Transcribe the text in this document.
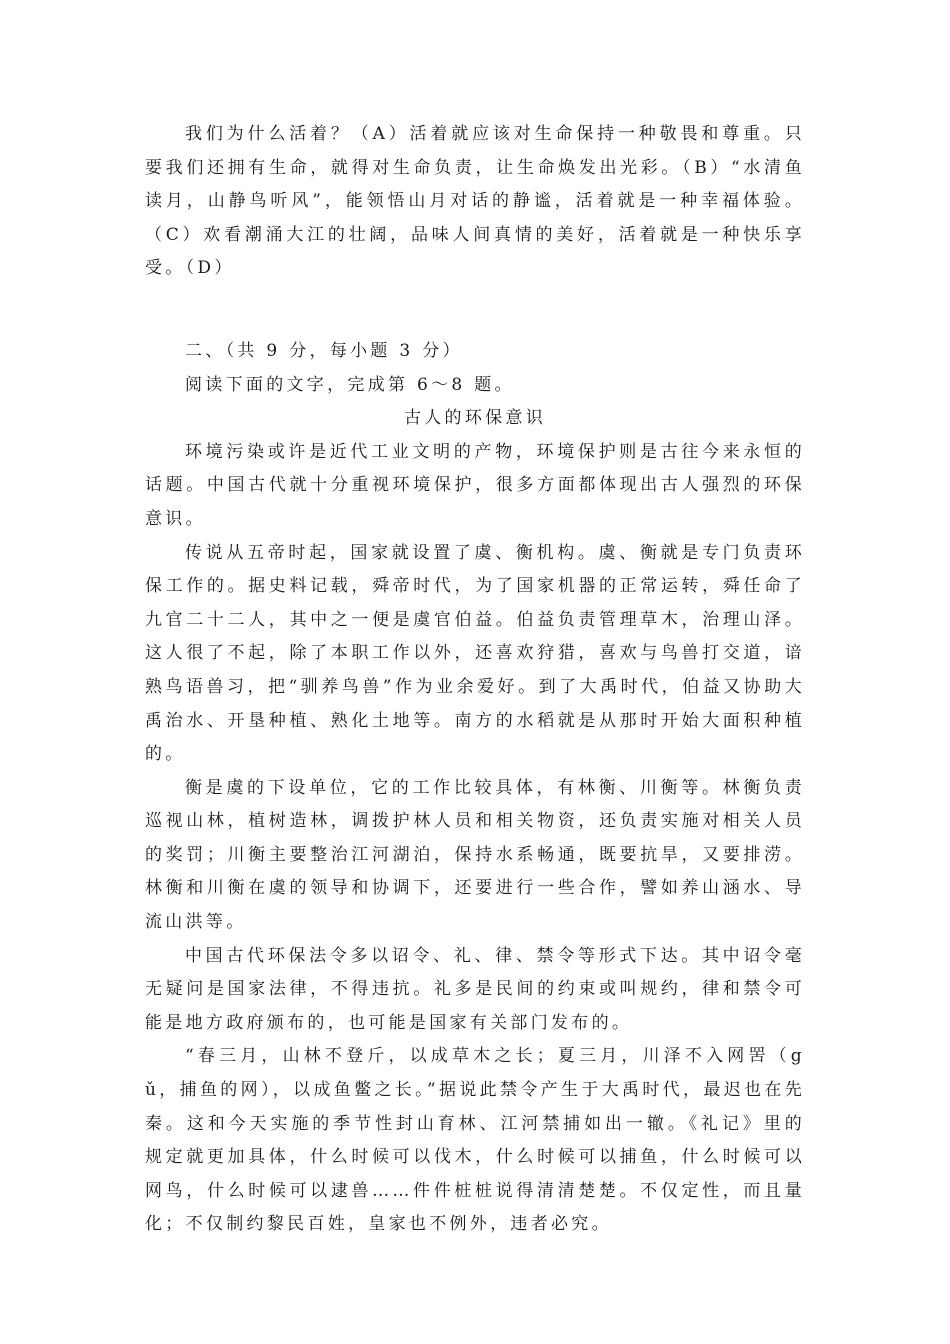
我们为什么活着？（A）活着就应该对生命保持一种敬畏和尊重。只要我们还拥有生命，就得对生命负责，让生命焕发出光彩。（B）“水清鱼读月，山静鸟听风”，能领悟山月对话的静谧，活着就是一种幸福体验。（C）欢看潮涌大江的壮阔，品味人间真情的美好，活着就是一种快乐享受。（D）

二、（共 9 分，每小题 3 分）

阅读下面的文字，完成第 6～8 题。

古人的环保意识

环境污染或许是近代工业文明的产物，环境保护则是古往今来永恒的话题。中国古代就十分重视环境保护，很多方面都体现出古人强烈的环保意识。

传说从五帝时起，国家就设置了虞、衡机构。虞、衡就是专门负责环保工作的。据史料记载，舜帝时代，为了国家机器的正常运转，舜任命了九官二十二人，其中之一便是虞官伯益。伯益负责管理草木，治理山泽。这人很了不起，除了本职工作以外，还喜欢狩猎，喜欢与鸟兽打交道，谙熟鸟语兽习，把“驯养鸟兽”作为业余爱好。到了大禹时代，伯益又协助大禹治水、开垦种植、熟化土地等。南方的水稻就是从那时开始大面积种植的。

衡是虞的下设单位，它的工作比较具体，有林衡、川衡等。林衡负责巡视山林，植树造林，调拨护林人员和相关物资，还负责实施对相关人员的奖罚；川衡主要整治江河湖泊，保持水系畅通，既要抗旱，又要排涝。林衡和川衡在虞的领导和协调下，还要进行一些合作，譬如养山涵水、导流山洪等。

中国古代环保法令多以诏令、礼、律、禁令等形式下达。其中诏令毫无疑问是国家法律，不得违抗。礼多是民间的约束或叫规约，律和禁令可能是地方政府颁布的，也可能是国家有关部门发布的。

“春三月，山林不登斤，以成草木之长；夏三月，川泽不入网罟（gǔ，捕鱼的网），以成鱼鳖之长。”据说此禁令产生于大禹时代，最迟也在先秦。这和今天实施的季节性封山育林、江河禁捕如出一辙。《礼记》里的规定就更加具体，什么时候可以伐木，什么时候可以捕鱼，什么时候可以网鸟，什么时候可以逮兽……件件桩桩说得清清楚楚。不仅定性，而且量化；不仅制约黎民百姓，皇家也不例外，违者必究。
